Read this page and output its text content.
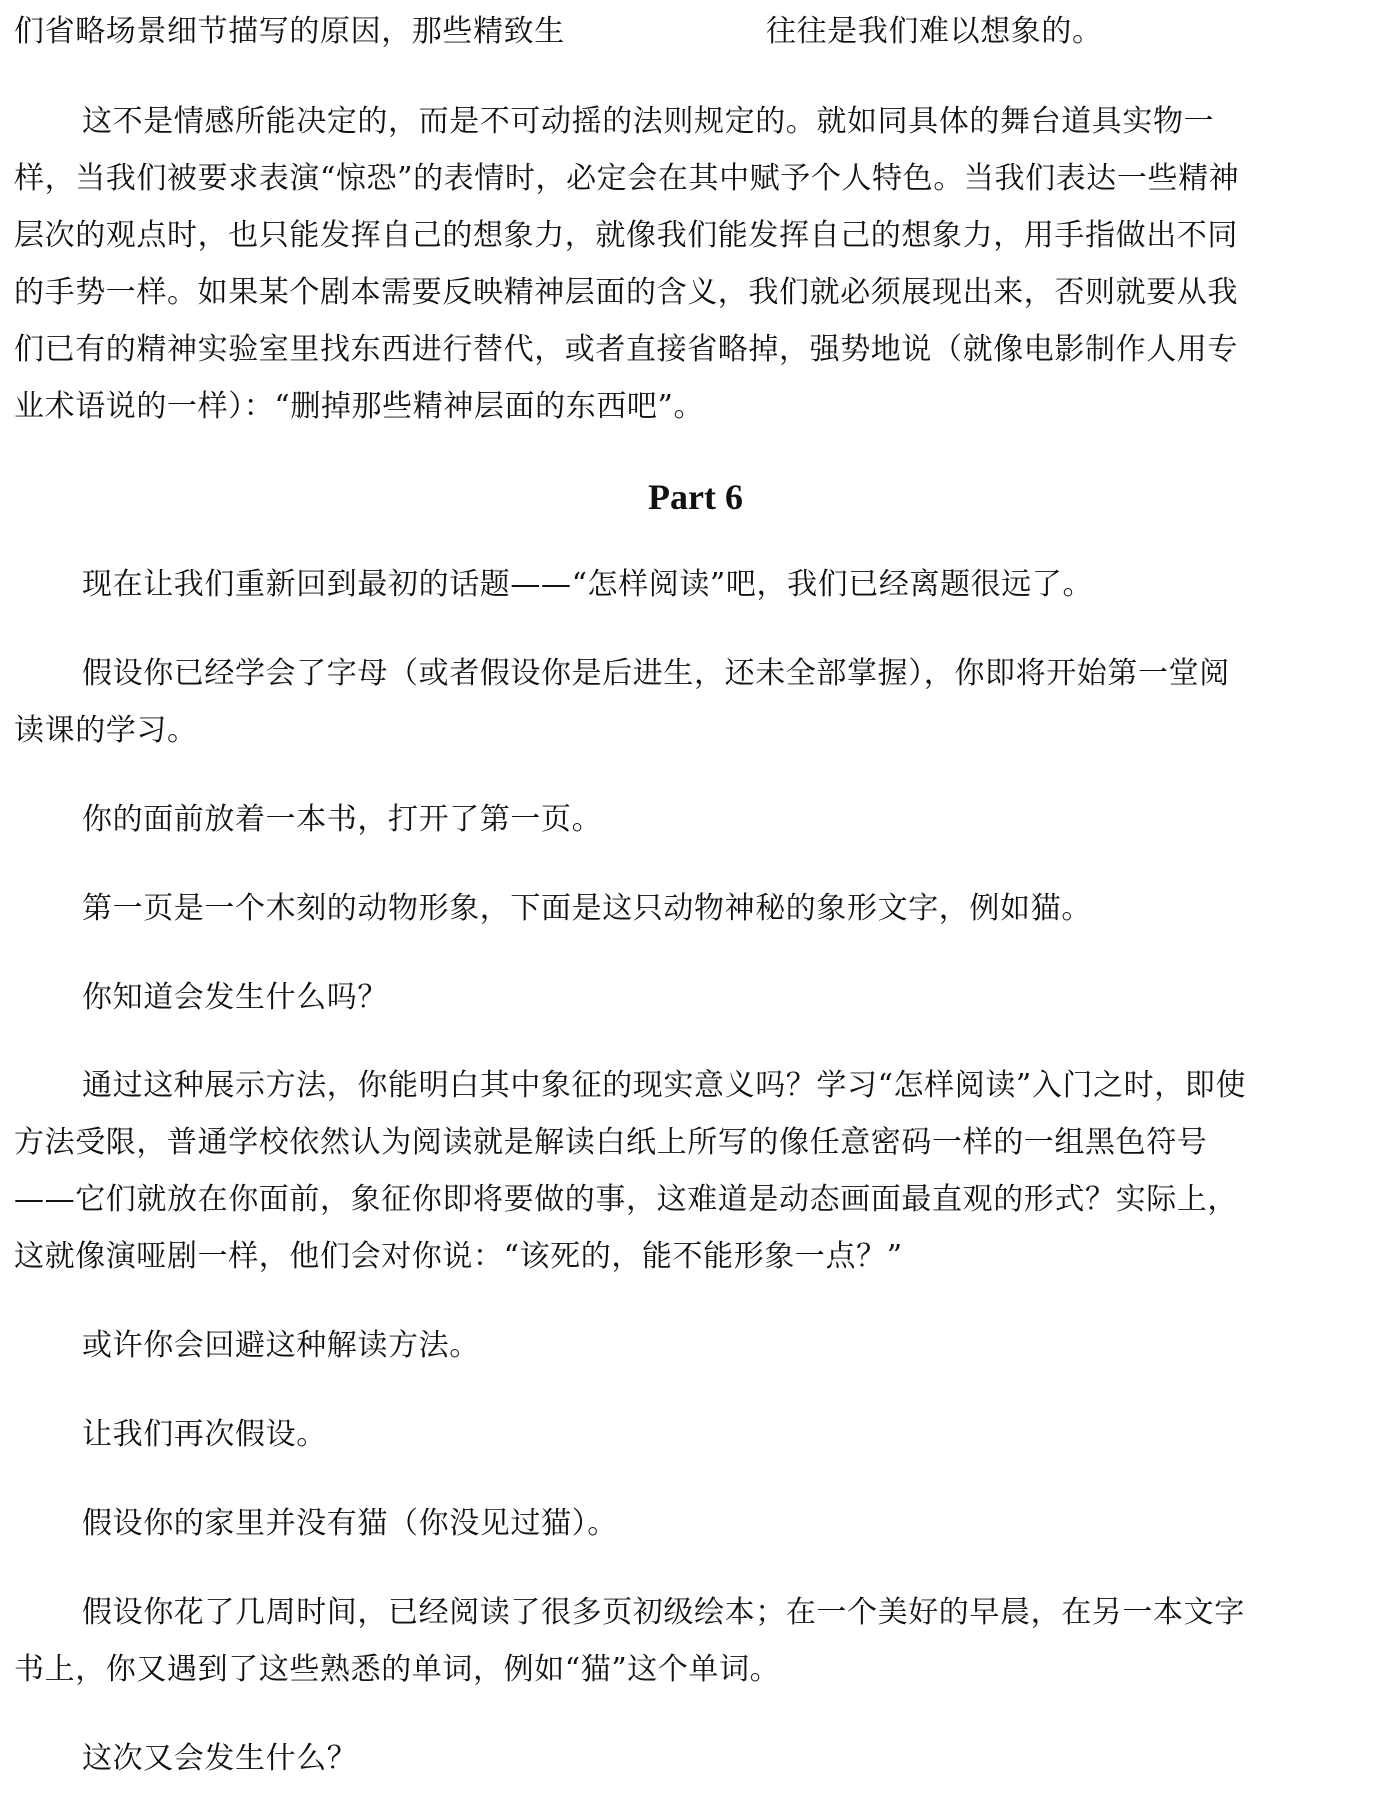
们省略场景细节描写的原因，那些精致生	往往是我们难以想象的。
这不是情感所能决定的，而是不可动摇的法则规定的。就如同具体的舞台道具实物一
样，当我们被要求表演“惊恐”的表情时，必定会在其中赋予个人特色。当我们表达一些精神
层次的观点时，也只能发挥自己的想象力，就像我们能发挥自己的想象力，用手指做出不同
的手势一样。如果某个剧本需要反映精神层面的含义，我们就必须展现出来，否则就要从我
们已有的精神实验室里找东西进行替代，或者直接省略掉，强势地说（就像电影制作人用专
业术语说的一样）：“删掉那些精神层面的东西吧”。
Part 6
现在让我们重新回到最初的话题——“怎样阅读”吧，我们已经离题很远了。
假设你已经学会了字母（或者假设你是后进生，还未全部掌握），你即将开始第一堂阅
读课的学习。
你的面前放着一本书，打开了第一页。
第一页是一个木刻的动物形象，下面是这只动物神秘的象形文字，例如猫。
你知道会发生什么吗？
通过这种展示方法，你能明白其中象征的现实意义吗？学习“怎样阅读”入门之时，即使
方法受限，普通学校依然认为阅读就是解读白纸上所写的像任意密码一样的一组黑色符号
——它们就放在你面前，象征你即将要做的事，这难道是动态画面最直观的形式？实际上，
这就像演哑剧一样，他们会对你说：“该死的，能不能形象一点？”
或许你会回避这种解读方法。
让我们再次假设。
假设你的家里并没有猫（你没见过猫）。
假设你花了几周时间，已经阅读了很多页初级绘本；在一个美好的早晨，在另一本文字
书上，你又遇到了这些熟悉的单词，例如“猫”这个单词。
这次又会发生什么？
